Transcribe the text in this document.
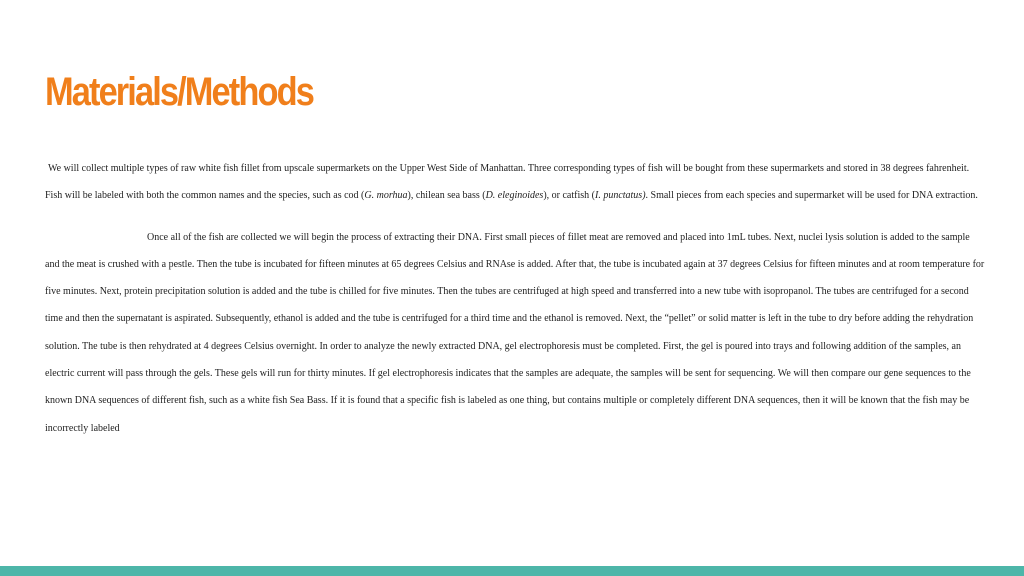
Materials/Methods

We will collect multiple types of raw white fish fillet from upscale supermarkets on the Upper West Side of Manhattan. Three corresponding types of fish will be bought from these supermarkets and stored in 38 degrees fahrenheit. Fish will be labeled with both the common names and the species, such as cod (G. morhua), chilean sea bass (D. eleginoides), or catfish (I. punctatus). Small pieces from each species and supermarket will be used for DNA extraction.

Once all of the fish are collected we will begin the process of extracting their DNA. First small pieces of fillet meat are removed and placed into 1mL tubes. Next, nuclei lysis solution is added to the sample and the meat is crushed with a pestle. Then the tube is incubated for fifteen minutes at 65 degrees Celsius and RNAse is added. After that, the tube is incubated again at 37 degrees Celsius for fifteen minutes and at room temperature for five minutes. Next, protein precipitation solution is added and the tube is chilled for five minutes. Then the tubes are centrifuged at high speed and transferred into a new tube with isopropanol. The tubes are centrifuged for a second time and then the supernatant is aspirated. Subsequently, ethanol is added and the tube is centrifuged for a third time and the ethanol is removed. Next, the “pellet” or solid matter is left in the tube to dry before adding the rehydration solution. The tube is then rehydrated at 4 degrees Celsius overnight. In order to analyze the newly extracted DNA, gel electrophoresis must be completed. First, the gel is poured into trays and following addition of the samples, an electric current will pass through the gels. These gels will run for thirty minutes. If gel electrophoresis indicates that the samples are adequate, the samples will be sent for sequencing. We will then compare our gene sequences to the known DNA sequences of different fish, such as a white fish Sea Bass. If it is found that a specific fish is labeled as one thing, but contains multiple or completely different DNA sequences, then it will be known that the fish may be incorrectly labeled
